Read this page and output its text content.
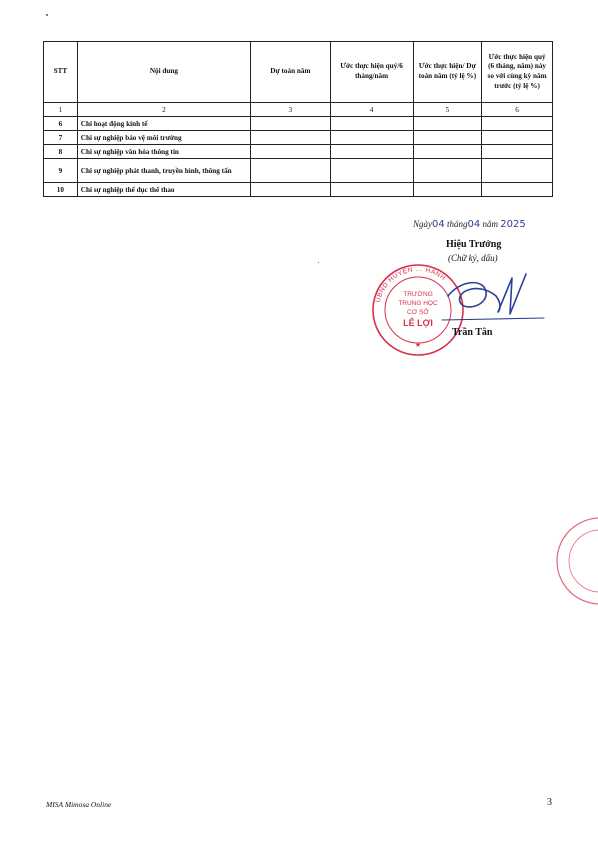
STT	Nội dung	Dự toán năm	Ước thực hiện quý/6 tháng/năm	Ước thực hiện/ Dự toán năm (tỷ lệ %)	Ước thực hiện quý (6 tháng, năm) này so với cùng kỳ năm trước (tỷ lệ %)
1	2	3	4	5	6
6	Chi hoạt động kinh tế				
7	Chi sự nghiệp bảo vệ môi trường				
8	Chi sự nghiệp văn hóa thông tin				
9	Chi sự nghiệp phát thanh, truyền hình, thông tấn				
10	Chi sự nghiệp thể dục thể thao				
Ngày04 tháng04 năm 2025
Hiệu Trưởng
(Chữ ký, dấu)
UBND HUYỆN ... HÀNH
TRƯỜNG
TRUNG HỌC
CƠ SỞ
LÊ LỢI
★
Trần Tân
MISA Mimosa Online	3
